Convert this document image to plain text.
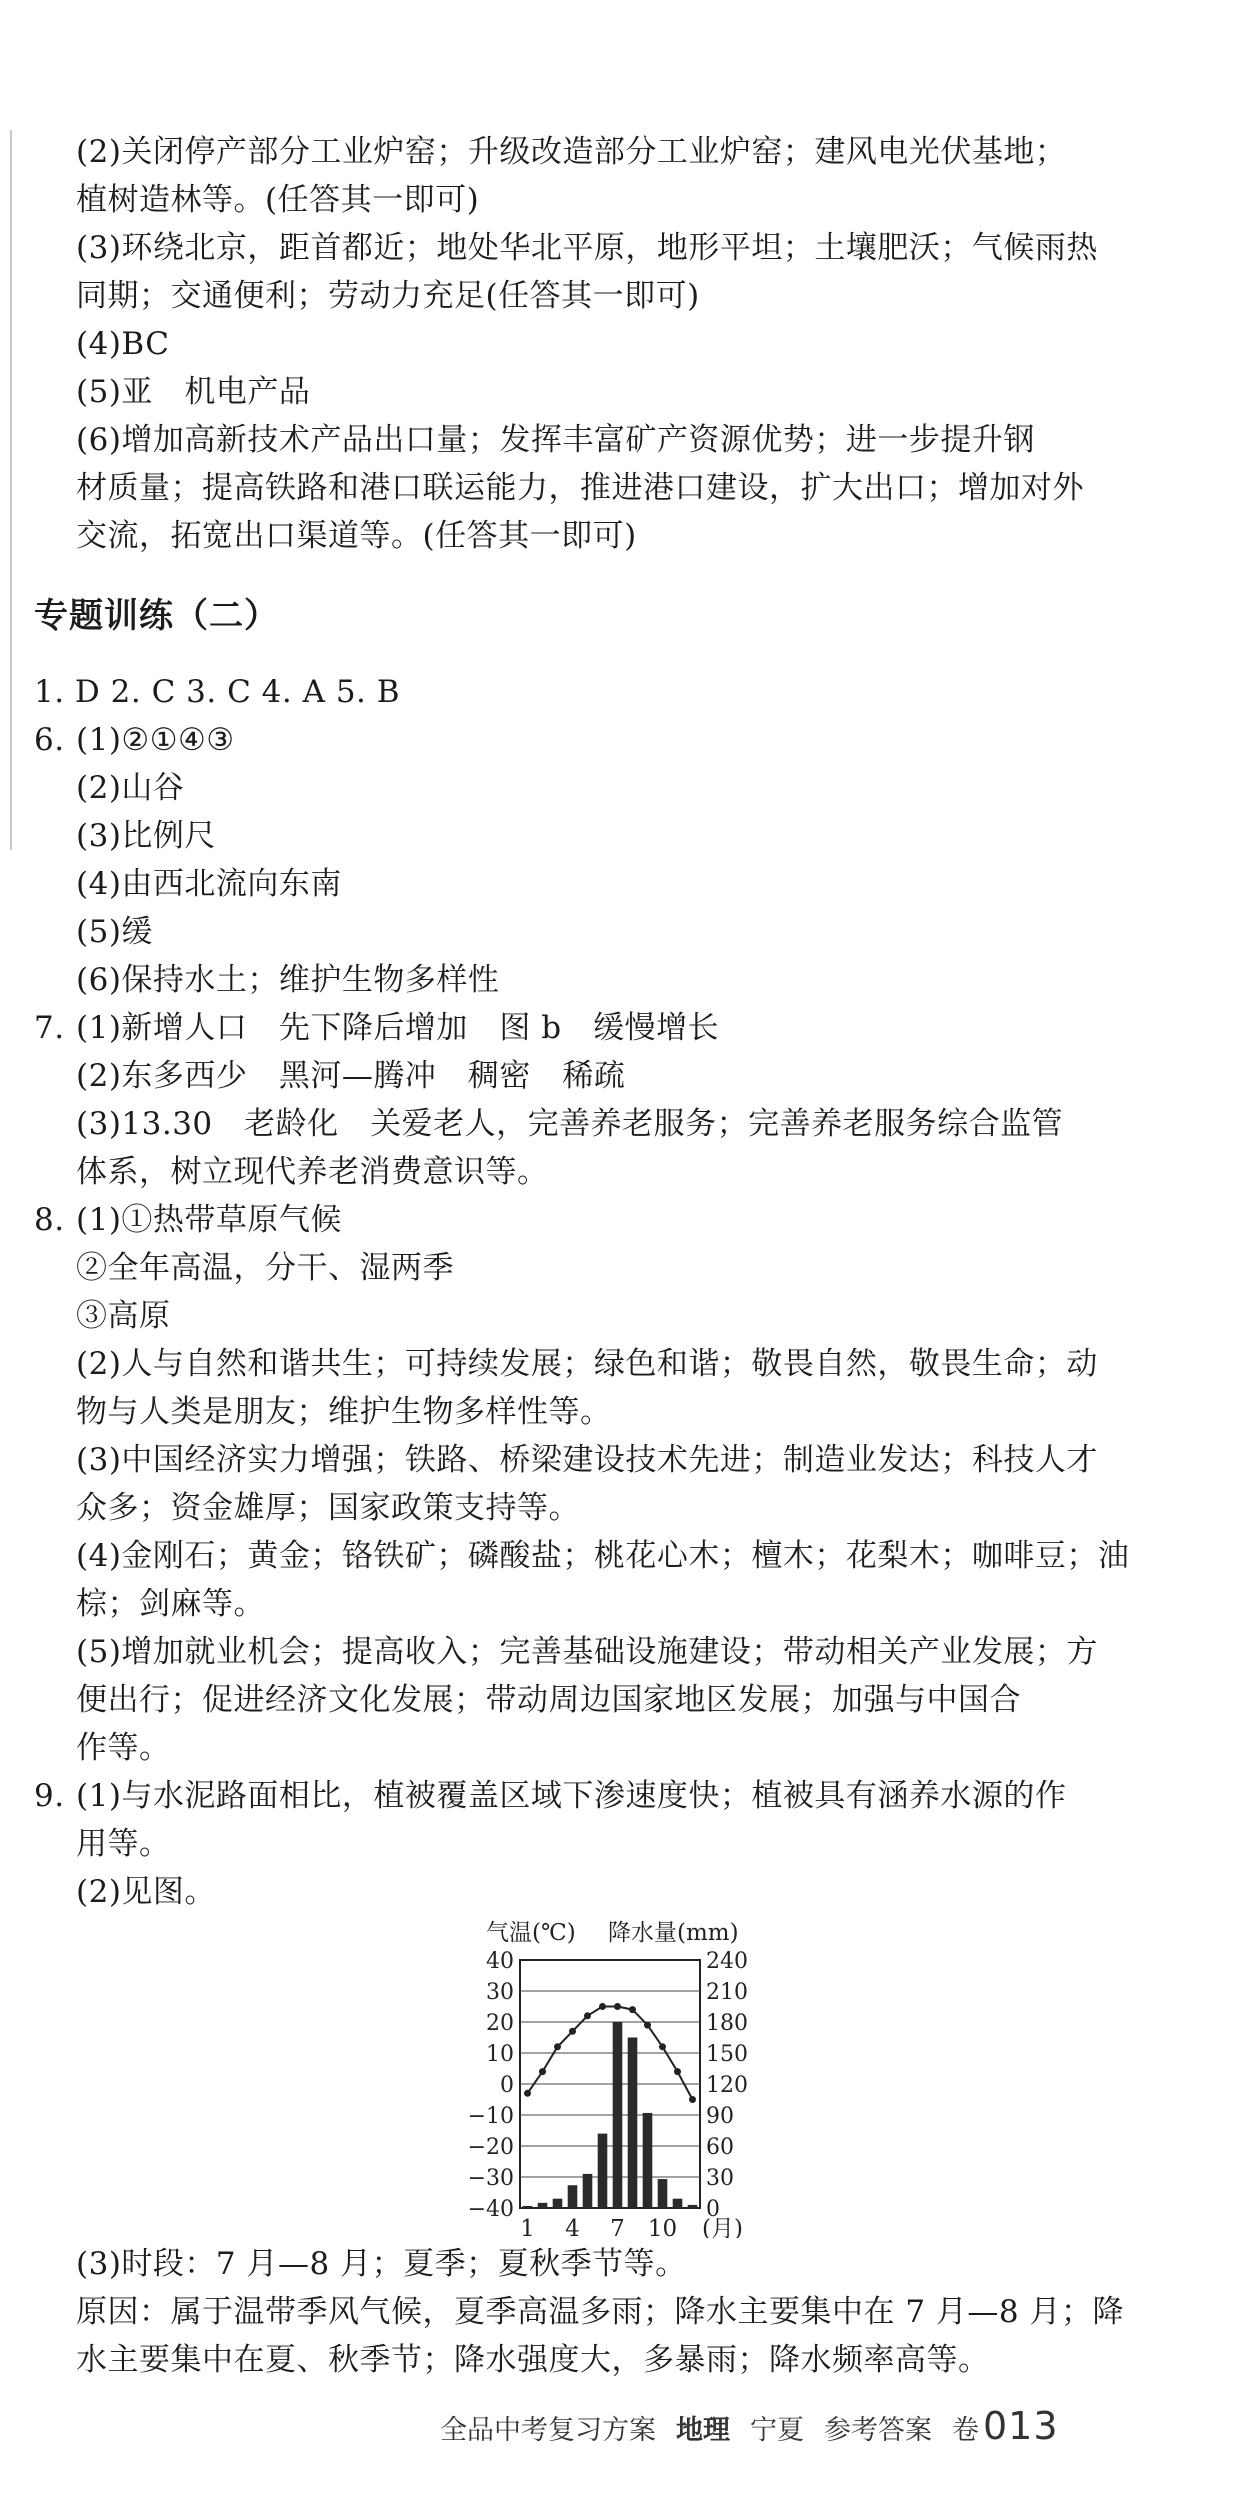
(2)关闭停产部分工业炉窑；升级改造部分工业炉窑；建风电光伏基地；
植树造林等。(任答其一即可)
(3)环绕北京，距首都近；地处华北平原，地形平坦；土壤肥沃；气候雨热
同期；交通便利；劳动力充足(任答其一即可)
(4)BC
(5)亚　机电产品
(6)增加高新技术产品出口量；发挥丰富矿产资源优势；进一步提升钢
材质量；提高铁路和港口联运能力，推进港口建设，扩大出口；增加对外
交流，拓宽出口渠道等。(任答其一即可)
专题训练（二）
1. D 2. C 3. C 4. A 5. B
6. (1)②①④③
(2)山谷
(3)比例尺
(4)由西北流向东南
(5)缓
(6)保持水土；维护生物多样性
7. (1)新增人口　先下降后增加　图 b　缓慢增长
(2)东多西少　黑河—腾冲　稠密　稀疏
(3)13.30　老龄化　关爱老人，完善养老服务；完善养老服务综合监管
体系，树立现代养老消费意识等。
8. (1)①热带草原气候
②全年高温，分干、湿两季
③高原
(2)人与自然和谐共生；可持续发展；绿色和谐；敬畏自然，敬畏生命；动
物与人类是朋友；维护生物多样性等。
(3)中国经济实力增强；铁路、桥梁建设技术先进；制造业发达；科技人才
众多；资金雄厚；国家政策支持等。
(4)金刚石；黄金；铬铁矿；磷酸盐；桃花心木；檀木；花梨木；咖啡豆；油
棕；剑麻等。
(5)增加就业机会；提高收入；完善基础设施建设；带动相关产业发展；方
便出行；促进经济文化发展；带动周边国家地区发展；加强与中国合
作等。
9. (1)与水泥路面相比，植被覆盖区域下渗速度快；植被具有涵养水源的作
用等。
(2)见图。
40	240
30	210
20	180
10	150
0	120
−10	90
−20	60
−30	30
−40	0
气温(℃) 降水量(mm)
1 4 7 10 (月)
(3)时段：7 月—8 月；夏季；夏秋季节等。
原因：属于温带季风气候，夏季高温多雨；降水主要集中在 7 月—8 月；降
水主要集中在夏、秋季节；降水强度大，多暴雨；降水频率高等。
全品中考复习方案 地理 宁夏 参考答案 卷 013
